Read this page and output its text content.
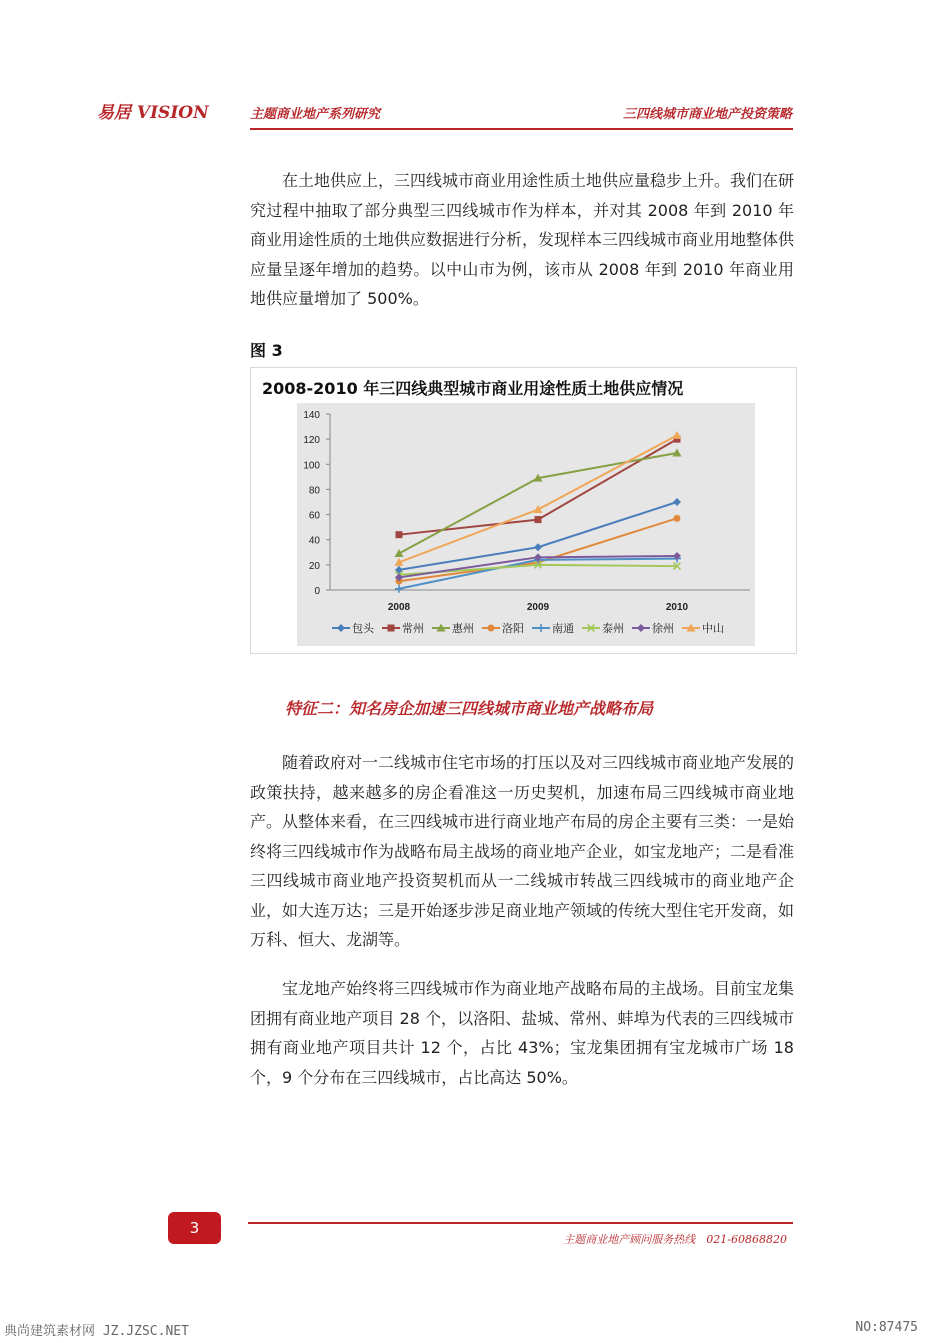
易居 VISION	主题商业地产系列研究	三四线城市商业地产投资策略
在土地供应上，三四线城市商业用途性质土地供应量稳步上升。我们在研究过程中抽取了部分典型三四线城市作为样本，并对其 2008 年到 2010 年商业用途性质的土地供应数据进行分析，发现样本三四线城市商业用地整体供应量呈逐年增加的趋势。以中山市为例，该市从 2008 年到 2010 年商业用地供应量增加了 500%。
图 3
2008-2010 年三四线典型城市商业用途性质土地供应情况
0
20
40
60
80
100
120
140
2008	2009	2010
包头	常州	惠州	洛阳	南通	泰州	徐州	中山
特征二：知名房企加速三四线城市商业地产战略布局
随着政府对一二线城市住宅市场的打压以及对三四线城市商业地产发展的政策扶持，越来越多的房企看准这一历史契机，加速布局三四线城市商业地产。从整体来看，在三四线城市进行商业地产布局的房企主要有三类：一是始终将三四线城市作为战略布局主战场的商业地产企业，如宝龙地产；二是看准三四线城市商业地产投资契机而从一二线城市转战三四线城市的商业地产企业，如大连万达；三是开始逐步涉足商业地产领域的传统大型住宅开发商，如万科、恒大、龙湖等。
宝龙地产始终将三四线城市作为商业地产战略布局的主战场。目前宝龙集团拥有商业地产项目 28 个，以洛阳、盐城、常州、蚌埠为代表的三四线城市拥有商业地产项目共计 12 个，占比 43%；宝龙集团拥有宝龙城市广场 18 个，9 个分布在三四线城市，占比高达 50%。
3
主题商业地产顾问服务热线　021-60868820
典尚建筑素材网 JZ.JZSC.NET	NO:87475
